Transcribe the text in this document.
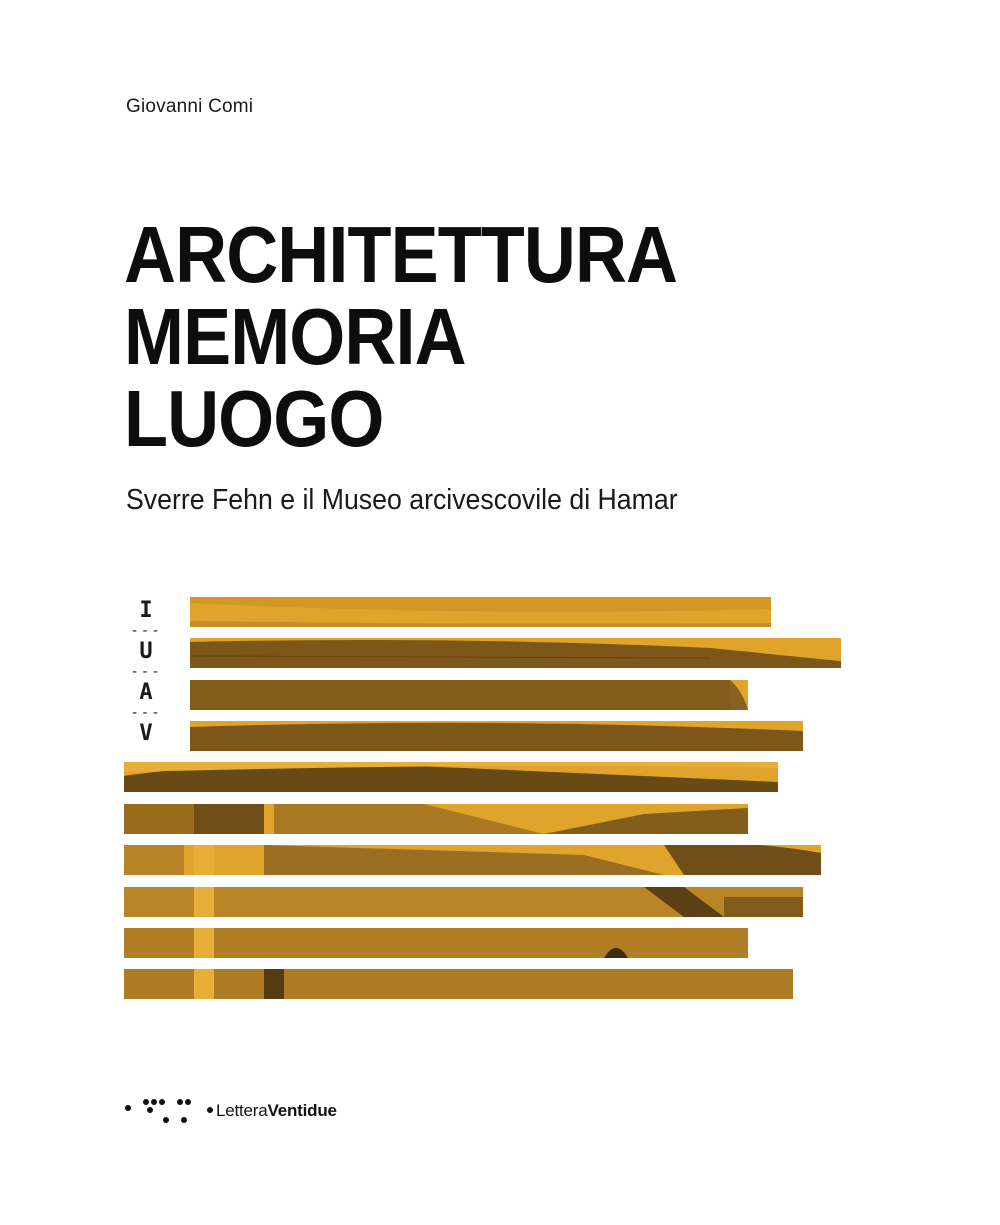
Giovanni Comi
ARCHITETTURA
MEMORIA
LUOGO
Sverre Fehn e il Museo arcivescovile di Hamar
I
---
U
---
A
---
V
LetteraVentidue
